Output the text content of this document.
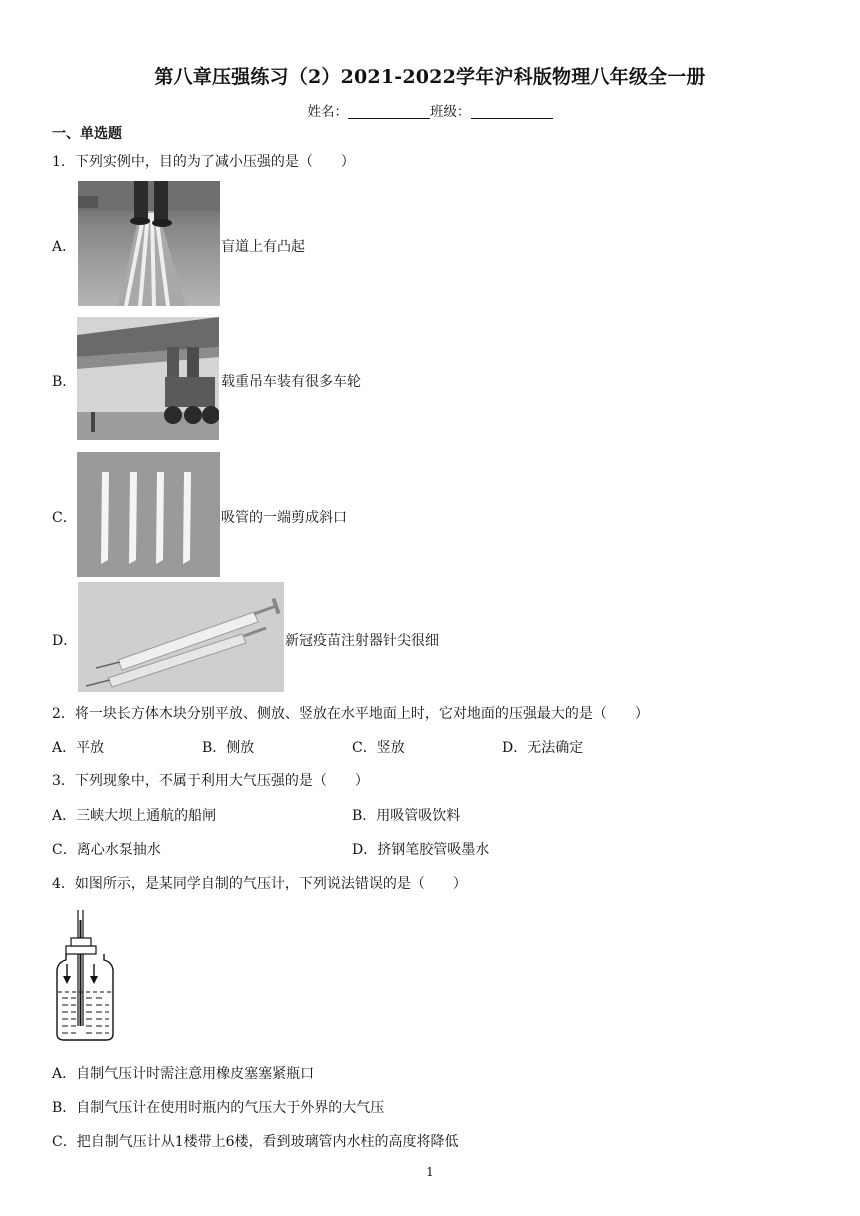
第八章压强练习（2）2021-2022学年沪科版物理八年级全一册
姓名：	班级：
一、单选题
1．下列实例中，目的为了减小压强的是（　　）
A．	盲道上有凸起
B．	载重吊车装有很多车轮
C．	吸管的一端剪成斜口
D．	新冠疫苗注射器针尖很细
2．将一块长方体木块分别平放、侧放、竖放在水平地面上时，它对地面的压强最大的是（　　）
A．平放	B．侧放	C．竖放	D．无法确定
3．下列现象中，不属于利用大气压强的是（　　）
A．三峡大坝上通航的船闸	B．用吸管吸饮料
C．离心水泵抽水	D．挤钢笔胶管吸墨水
4．如图所示，是某同学自制的气压计，下列说法错误的是（　　）
A．自制气压计时需注意用橡皮塞塞紧瓶口
B．自制气压计在使用时瓶内的气压大于外界的大气压
C．把自制气压计从1楼带上6楼，看到玻璃管内水柱的高度将降低
1
